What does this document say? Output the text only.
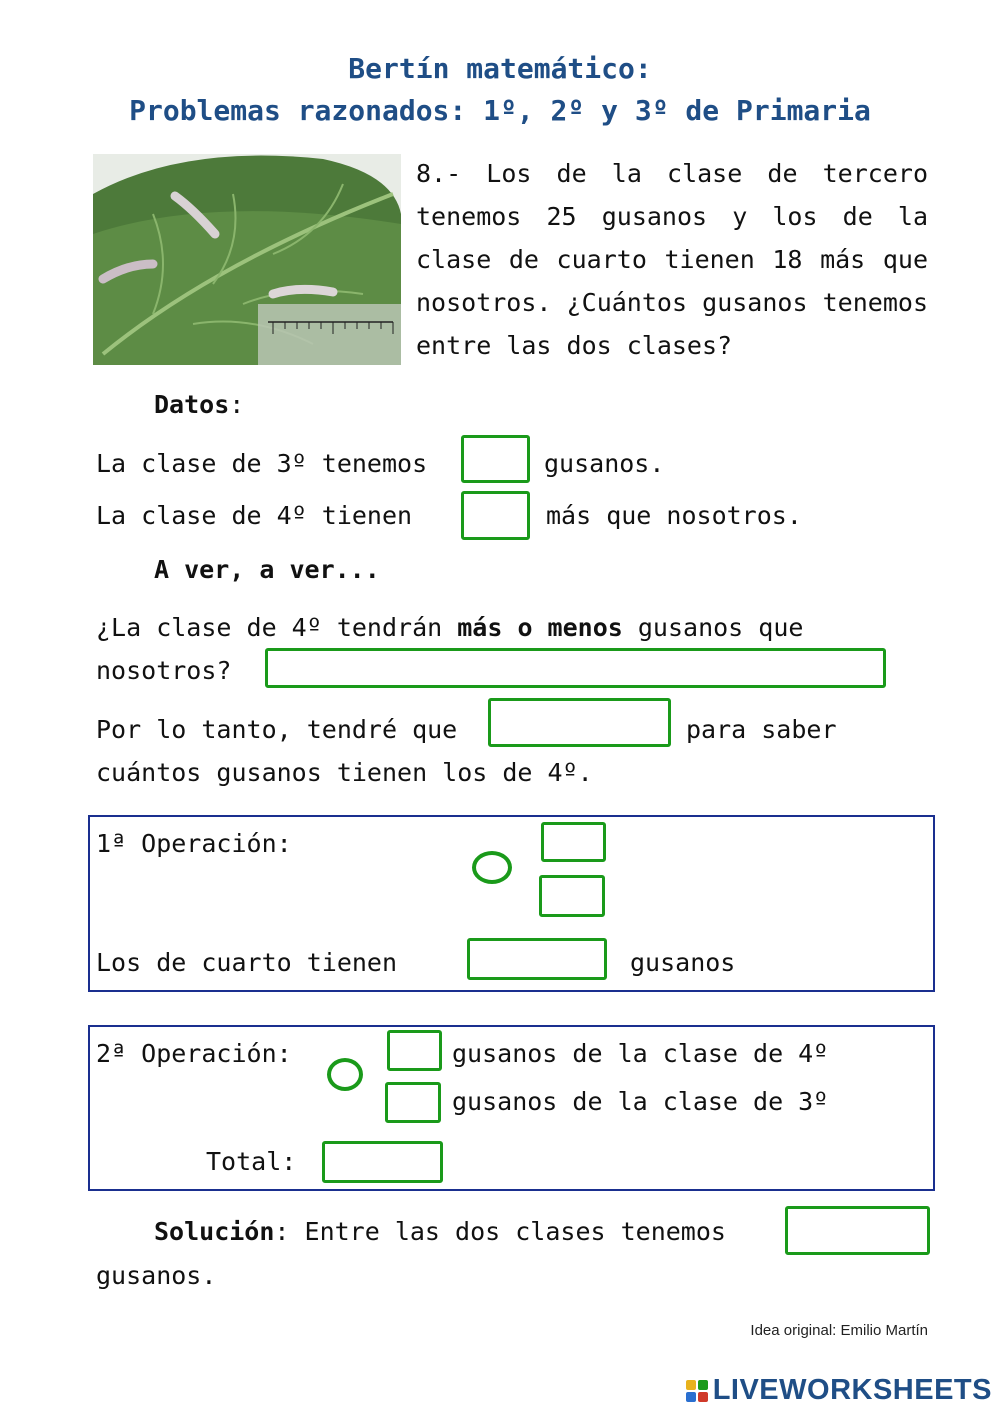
Bertín matemático:
Problemas razonados: 1º, 2º y 3º de Primaria
8.- Los de la clase de tercero tenemos 25 gusanos y los de la clase de cuarto tienen 18 más que nosotros. ¿Cuántos gusanos tenemos entre las dos clases?
Datos:
La clase de 3º tenemos	gusanos.
La clase de 4º tienen	más que nosotros.
A ver, a ver...
¿La clase de 4º tendrán más o menos gusanos que
nosotros?
Por lo tanto, tendré que	para saber
cuántos gusanos tienen los de 4º.
1ª Operación:
Los de cuarto tienen	gusanos
2ª Operación:	gusanos de la clase de 4º
gusanos de la clase de 3º
Total:
Solución: Entre las dos clases tenemos
gusanos.
Idea original: Emilio Martín
LIVEWORKSHEETS
